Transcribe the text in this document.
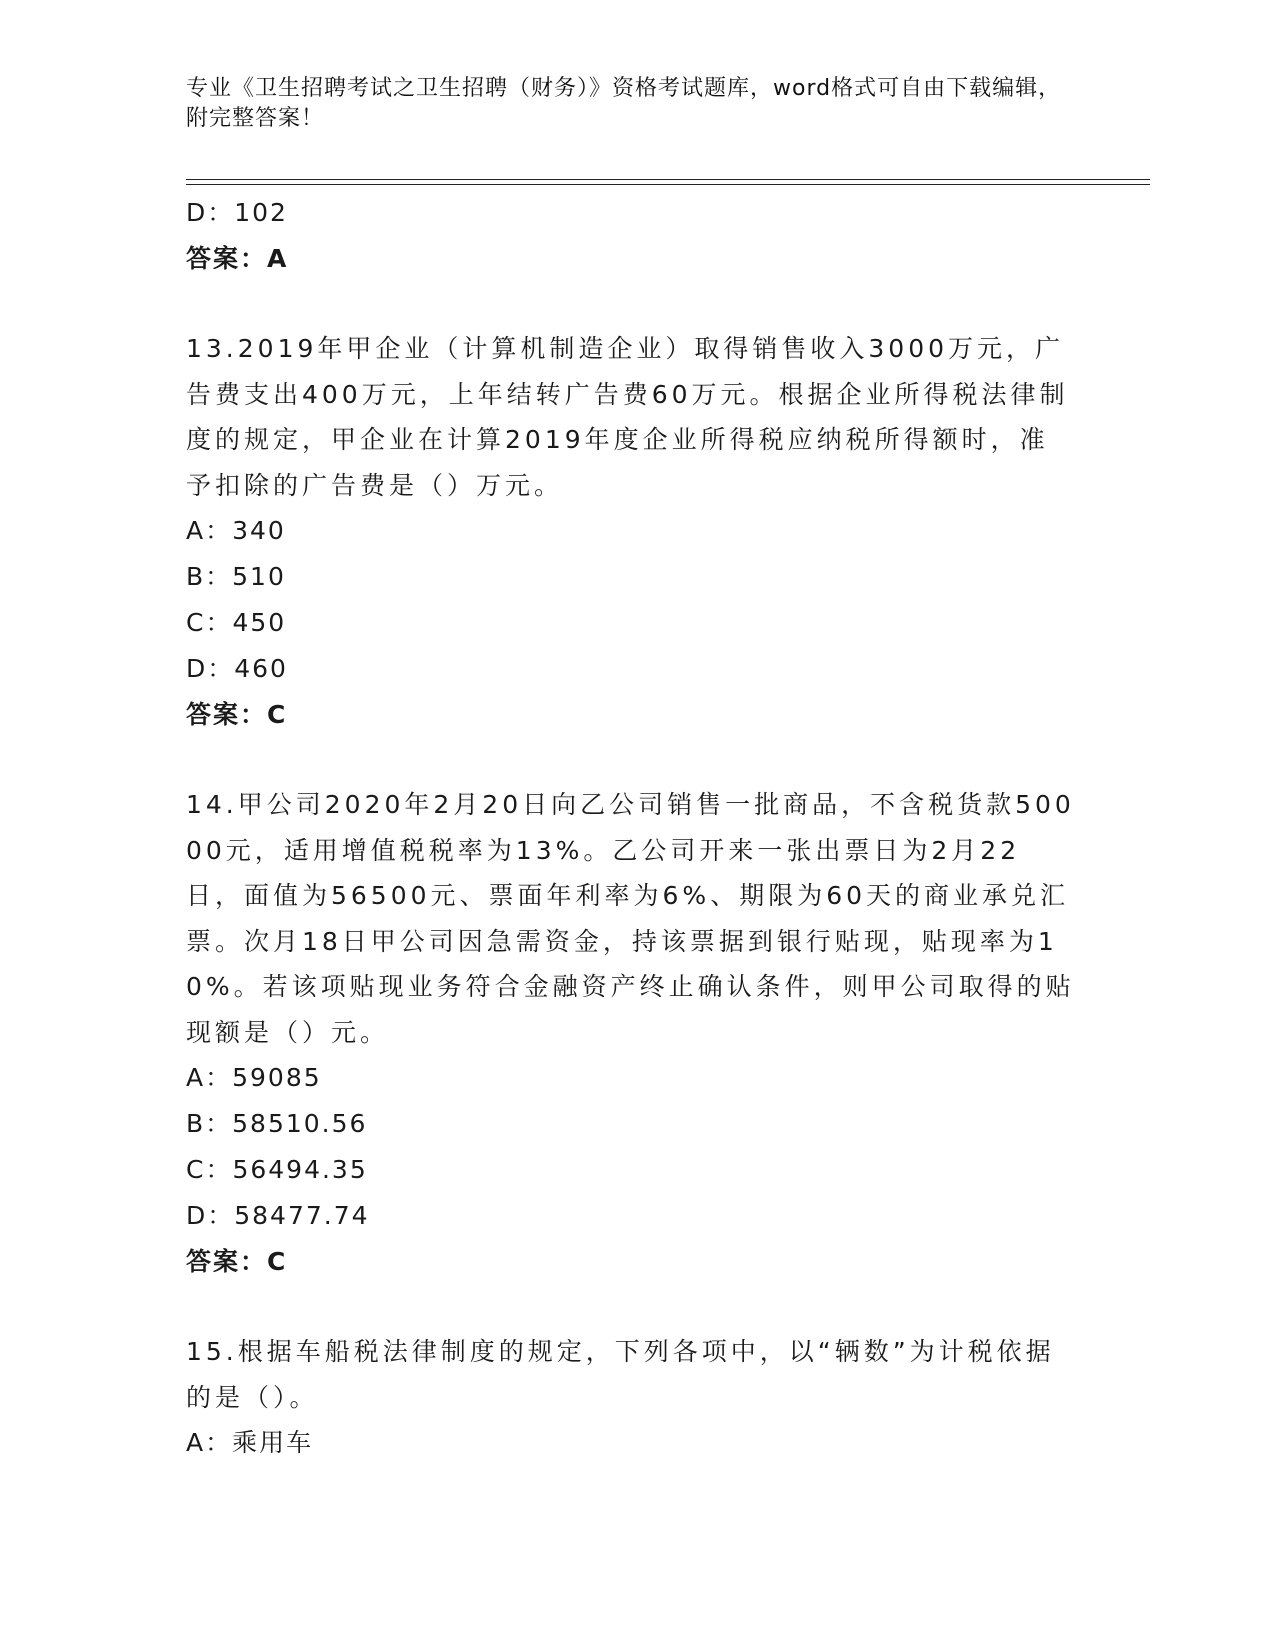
专业《卫生招聘考试之卫生招聘（财务）》资格考试题库，word格式可自由下载编辑，附完整答案！
D：102
答案：A
13.2019年甲企业（计算机制造企业）取得销售收入3000万元，广告费支出400万元，上年结转广告费60万元。根据企业所得税法律制度的规定，甲企业在计算2019年度企业所得税应纳税所得额时，准予扣除的广告费是（）万元。
A：340
B：510
C：450
D：460
答案：C
14.甲公司2020年2月20日向乙公司销售一批商品，不含税货款50000元，适用增值税税率为13%。乙公司开来一张出票日为2月22日，面值为56500元、票面年利率为6%、期限为60天的商业承兑汇票。次月18日甲公司因急需资金，持该票据到银行贴现，贴现率为10%。若该项贴现业务符合金融资产终止确认条件，则甲公司取得的贴现额是（）元。
A：59085
B：58510.56
C：56494.35
D：58477.74
答案：C
15.根据车船税法律制度的规定，下列各项中，以“辆数”为计税依据的是（）。
A：乘用车
